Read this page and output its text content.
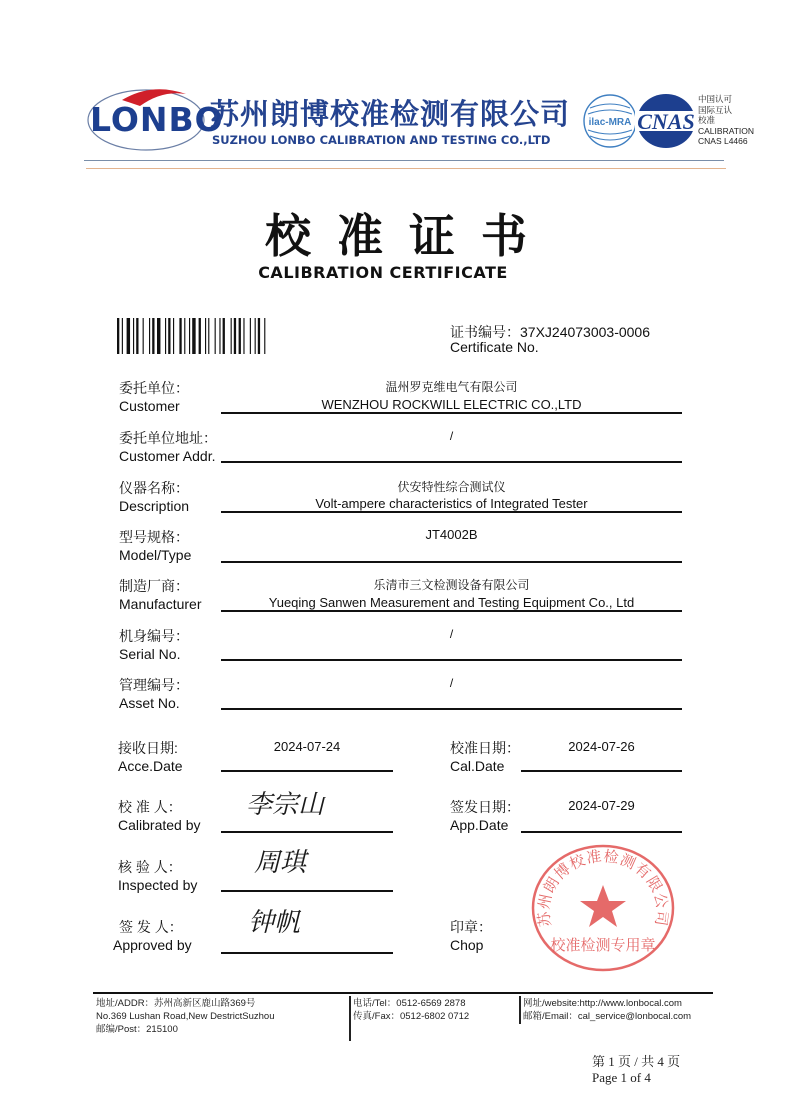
LONBO
苏州朗博校准检测有限公司
SUZHOU LONBO CALIBRATION AND TESTING CO.,LTD
ilac-MRA CNAS
中国认可
国际互认
校准
CALIBRATION
CNAS L4466
校准证书
CALIBRATION CERTIFICATE
证书编号：37XJ24073003-0006
Certificate No.
委托单位：
Customer
温州罗克维电气有限公司
WENZHOU ROCKWILL ELECTRIC CO.,LTD
委托单位地址：
Customer Addr.
/
仪器名称：
Description
伏安特性综合测试仪
Volt-ampere characteristics of Integrated Tester
型号规格：
Model/Type
JT4002B
制造厂商：
Manufacturer
乐清市三文检测设备有限公司
Yueqing Sanwen Measurement and Testing Equipment Co., Ltd
机身编号：
Serial No.
/
管理编号：
Asset No.
/
接收日期:
Acce.Date
2024-07-24	校准日期：
Cal.Date
2024-07-26
校 准 人：
Calibrated by
李宗山	签发日期：
App.Date
2024-07-29
核 验 人：
Inspected by
周琪
签 发 人：
Approved by
钟帆	印章：
Chop
苏州朗博校准检测有限公司
校准检测专用章
地址/ADDR：苏州高新区鹿山路369号
No.369 Lushan Road,New DestrictSuzhou
邮编/Post：215100
电话/Tel：0512-6569 2878
传真/Fax：0512-6802 0712
网址/website:http://www.lonbocal.com
邮箱/Email：cal_service@lonbocal.com
第 1 页 / 共 4 页
Page 1 of 4
